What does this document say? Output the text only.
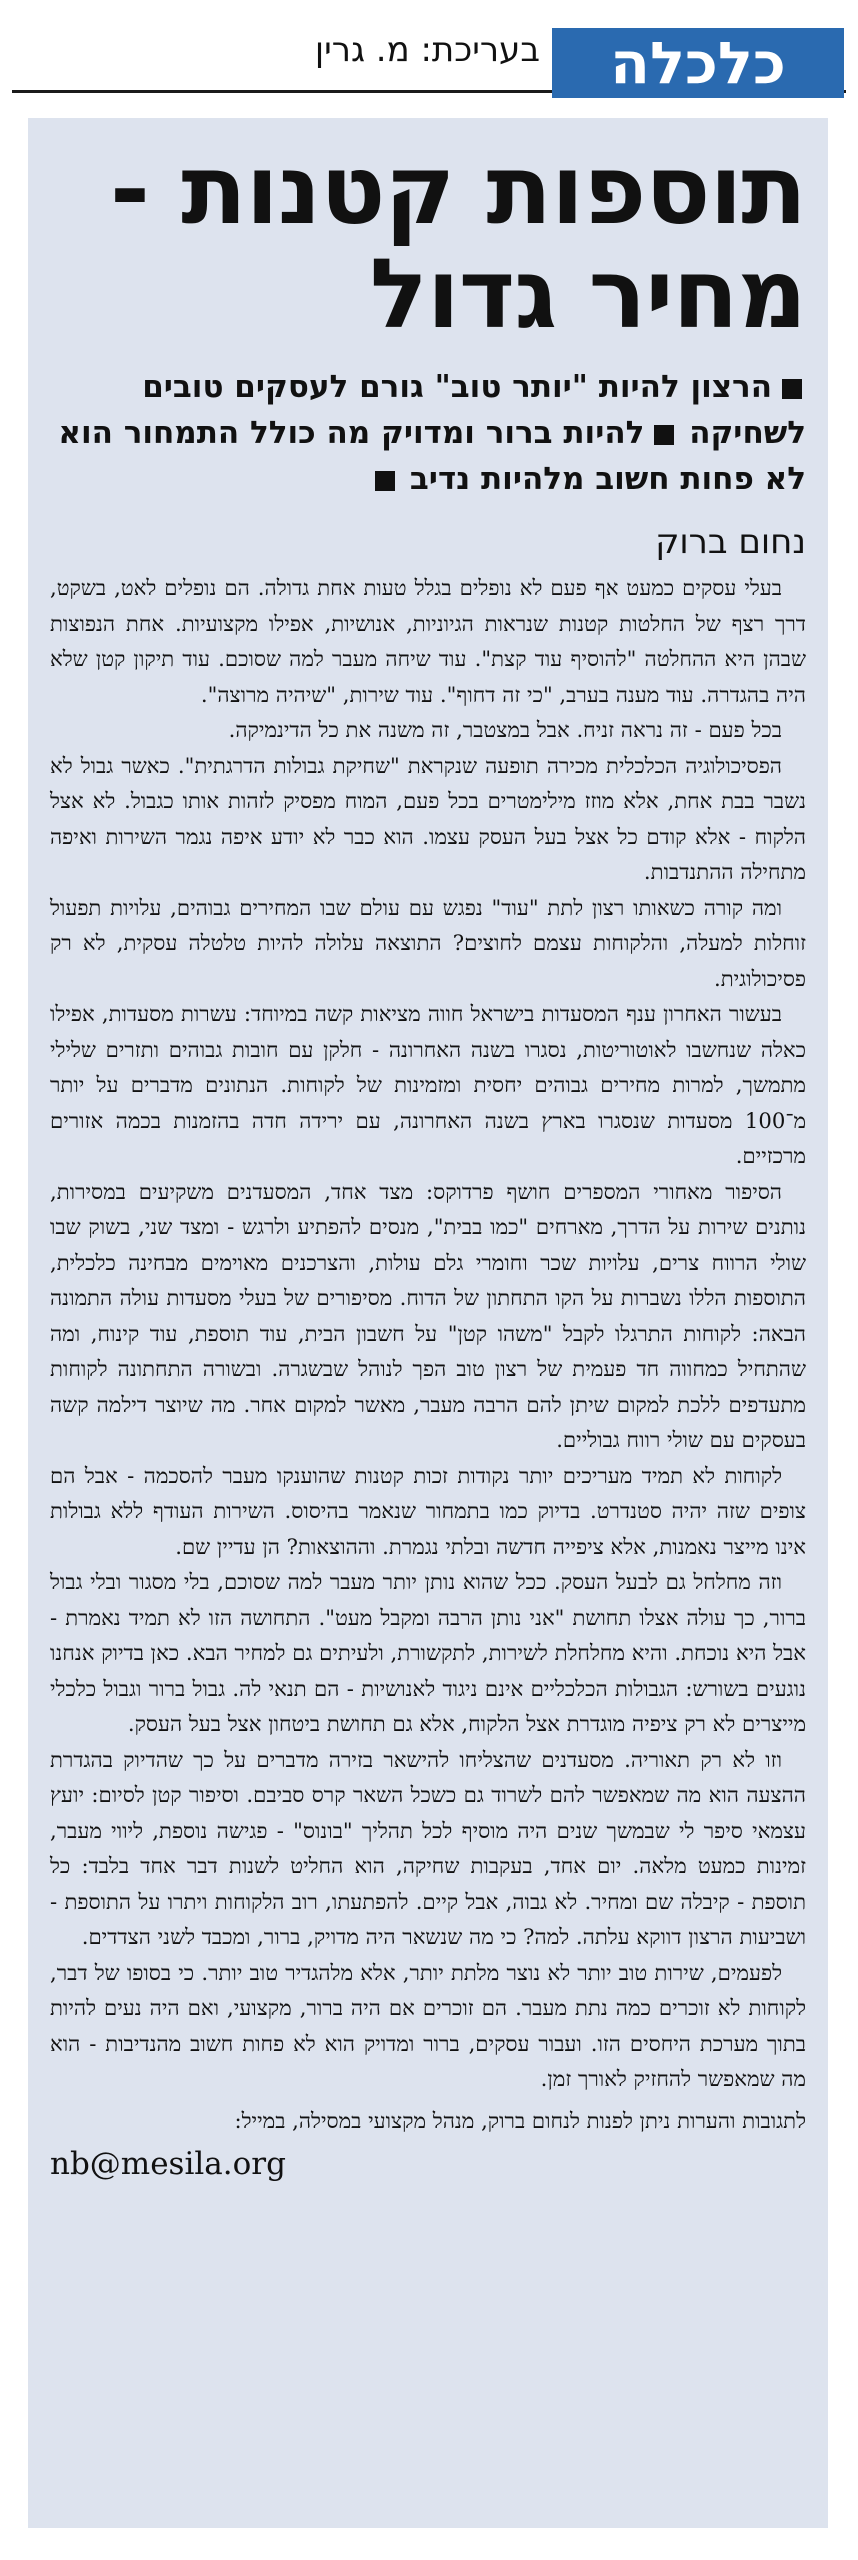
כלכלה
בעריכת: מ. גרין
תוספות קטנות -
מחיר גדול
הרצון להיות "יותר טוב" גורם לעסקים טובים לשחיקה להיות ברור ומדויק מה כולל התמחור הוא לא פחות חשוב מלהיות נדיב
נחום ברוק

בעלי עסקים כמעט אף פעם לא נופלים בגלל טעות אחת גדולה. הם נופלים לאט, בשקט, דרך רצף של החלטות קטנות שנראות הגיוניות, אנושיות, אפילו מקצועיות. אחת הנפוצות שבהן היא ההחלטה "להוסיף עוד קצת". עוד שיחה מעבר למה שסוכם. עוד תיקון קטן שלא היה בהגדרה. עוד מענה בערב, "כי זה דחוף". עוד שירות, "שיהיה מרוצה".

בכל פעם - זה נראה זניח. אבל במצטבר, זה משנה את כל הדינמיקה.

הפסיכולוגיה הכלכלית מכירה תופעה שנקראת "שחיקת גבולות הדרגתית". כאשר גבול לא נשבר בבת אחת, אלא מוזז מילימטרים בכל פעם, המוח מפסיק לזהות אותו כגבול. לא אצל הלקוח - אלא קודם כל אצל בעל העסק עצמו. הוא כבר לא יודע איפה נגמר השירות ואיפה מתחילה ההתנדבות.

ומה קורה כשאותו רצון לתת "עוד" נפגש עם עולם שבו המחירים גבוהים, עלויות תפעול זוחלות למעלה, והלקוחות עצמם לחוצים? התוצאה עלולה להיות טלטלה עסקית, לא רק פסיכולוגית.

בעשור האחרון ענף המסעדות בישראל חווה מציאות קשה במיוחד: עשרות מסעדות, אפילו כאלה שנחשבו לאוטוריטות, נסגרו בשנה האחרונה - חלקן עם חובות גבוהים ותזרים שלילי מתמשך, למרות מחירים גבוהים יחסית ומזמינות של לקוחות. הנתונים מדברים על יותר מ־100 מסעדות שנסגרו בארץ בשנה האחרונה, עם ירידה חדה בהזמנות בכמה אזורים מרכזיים.

הסיפור מאחורי המספרים חושף פרדוקס: מצד אחד, המסעדנים משקיעים במסירות, נותנים שירות על הדרך, מארחים "כמו בבית", מנסים להפתיע ולרגש - ומצד שני, בשוק שבו שולי הרווח צרים, עלויות שכר וחומרי גלם עולות, והצרכנים מאוימים מבחינה כלכלית, התוספות הללו נשברות על הקו התחתון של הדוח. מסיפורים של בעלי מסעדות עולה התמונה הבאה: לקוחות התרגלו לקבל "משהו קטן" על חשבון הבית, עוד תוספת, עוד קינוח, ומה שהתחיל כמחווה חד פעמית של רצון טוב הפך לנוהל שבשגרה. ובשורה התחתונה לקוחות מתעדפים ללכת למקום שיתן להם הרבה מעבר, מאשר למקום אחר. מה שיוצר דילמה קשה בעסקים עם שולי רווח גבוליים.

לקוחות לא תמיד מעריכים יותר נקודות זכות קטנות שהוענקו מעבר להסכמה - אבל הם צופים שזה יהיה סטנדרט. בדיוק כמו בתמחור שנאמר בהיסוס. השירות העודף ללא גבולות אינו מייצר נאמנות, אלא ציפייה חדשה ובלתי נגמרת. וההוצאות? הן עדיין שם.

וזה מחלחל גם לבעל העסק. ככל שהוא נותן יותר מעבר למה שסוכם, בלי מסגור ובלי גבול ברור, כך עולה אצלו תחושת "אני נותן הרבה ומקבל מעט". התחושה הזו לא תמיד נאמרת - אבל היא נוכחת. והיא מחלחלת לשירות, לתקשורת, ולעיתים גם למחיר הבא. כאן בדיוק אנחנו נוגעים בשורש: הגבולות הכלכליים אינם ניגוד לאנושיות - הם תנאי לה. גבול ברור וגבול כלכלי מייצרים לא רק ציפיה מוגדרת אצל הלקוח, אלא גם תחושת ביטחון אצל בעל העסק.

וזו לא רק תאוריה. מסעדנים שהצליחו להישאר בזירה מדברים על כך שהדיוק בהגדרת ההצעה הוא מה שמאפשר להם לשרוד גם כשכל השאר קרס סביבם. וסיפור קטן לסיום: יועץ עצמאי סיפר לי שבמשך שנים היה מוסיף לכל תהליך "בונוס" - פגישה נוספת, ליווי מעבר, זמינות כמעט מלאה. יום אחד, בעקבות שחיקה, הוא החליט לשנות דבר אחד בלבד: כל תוספת - קיבלה שם ומחיר. לא גבוה, אבל קיים. להפתעתו, רוב הלקוחות ויתרו על התוספת - ושביעות הרצון דווקא עלתה. למה? כי מה שנשאר היה מדויק, ברור, ומכבד לשני הצדדים.

לפעמים, שירות טוב יותר לא נוצר מלתת יותר, אלא מלהגדיר טוב יותר. כי בסופו של דבר, לקוחות לא זוכרים כמה נתת מעבר. הם זוכרים אם היה ברור, מקצועי, ואם היה נעים להיות בתוך מערכת היחסים הזו. ועבור עסקים, ברור ומדויק הוא לא פחות חשוב מהנדיבות - הוא מה שמאפשר להחזיק לאורך זמן.

לתגובות והערות ניתן לפנות לנחום ברוק, מנהל מקצועי במסילה, במייל:

nb@mesila.org
